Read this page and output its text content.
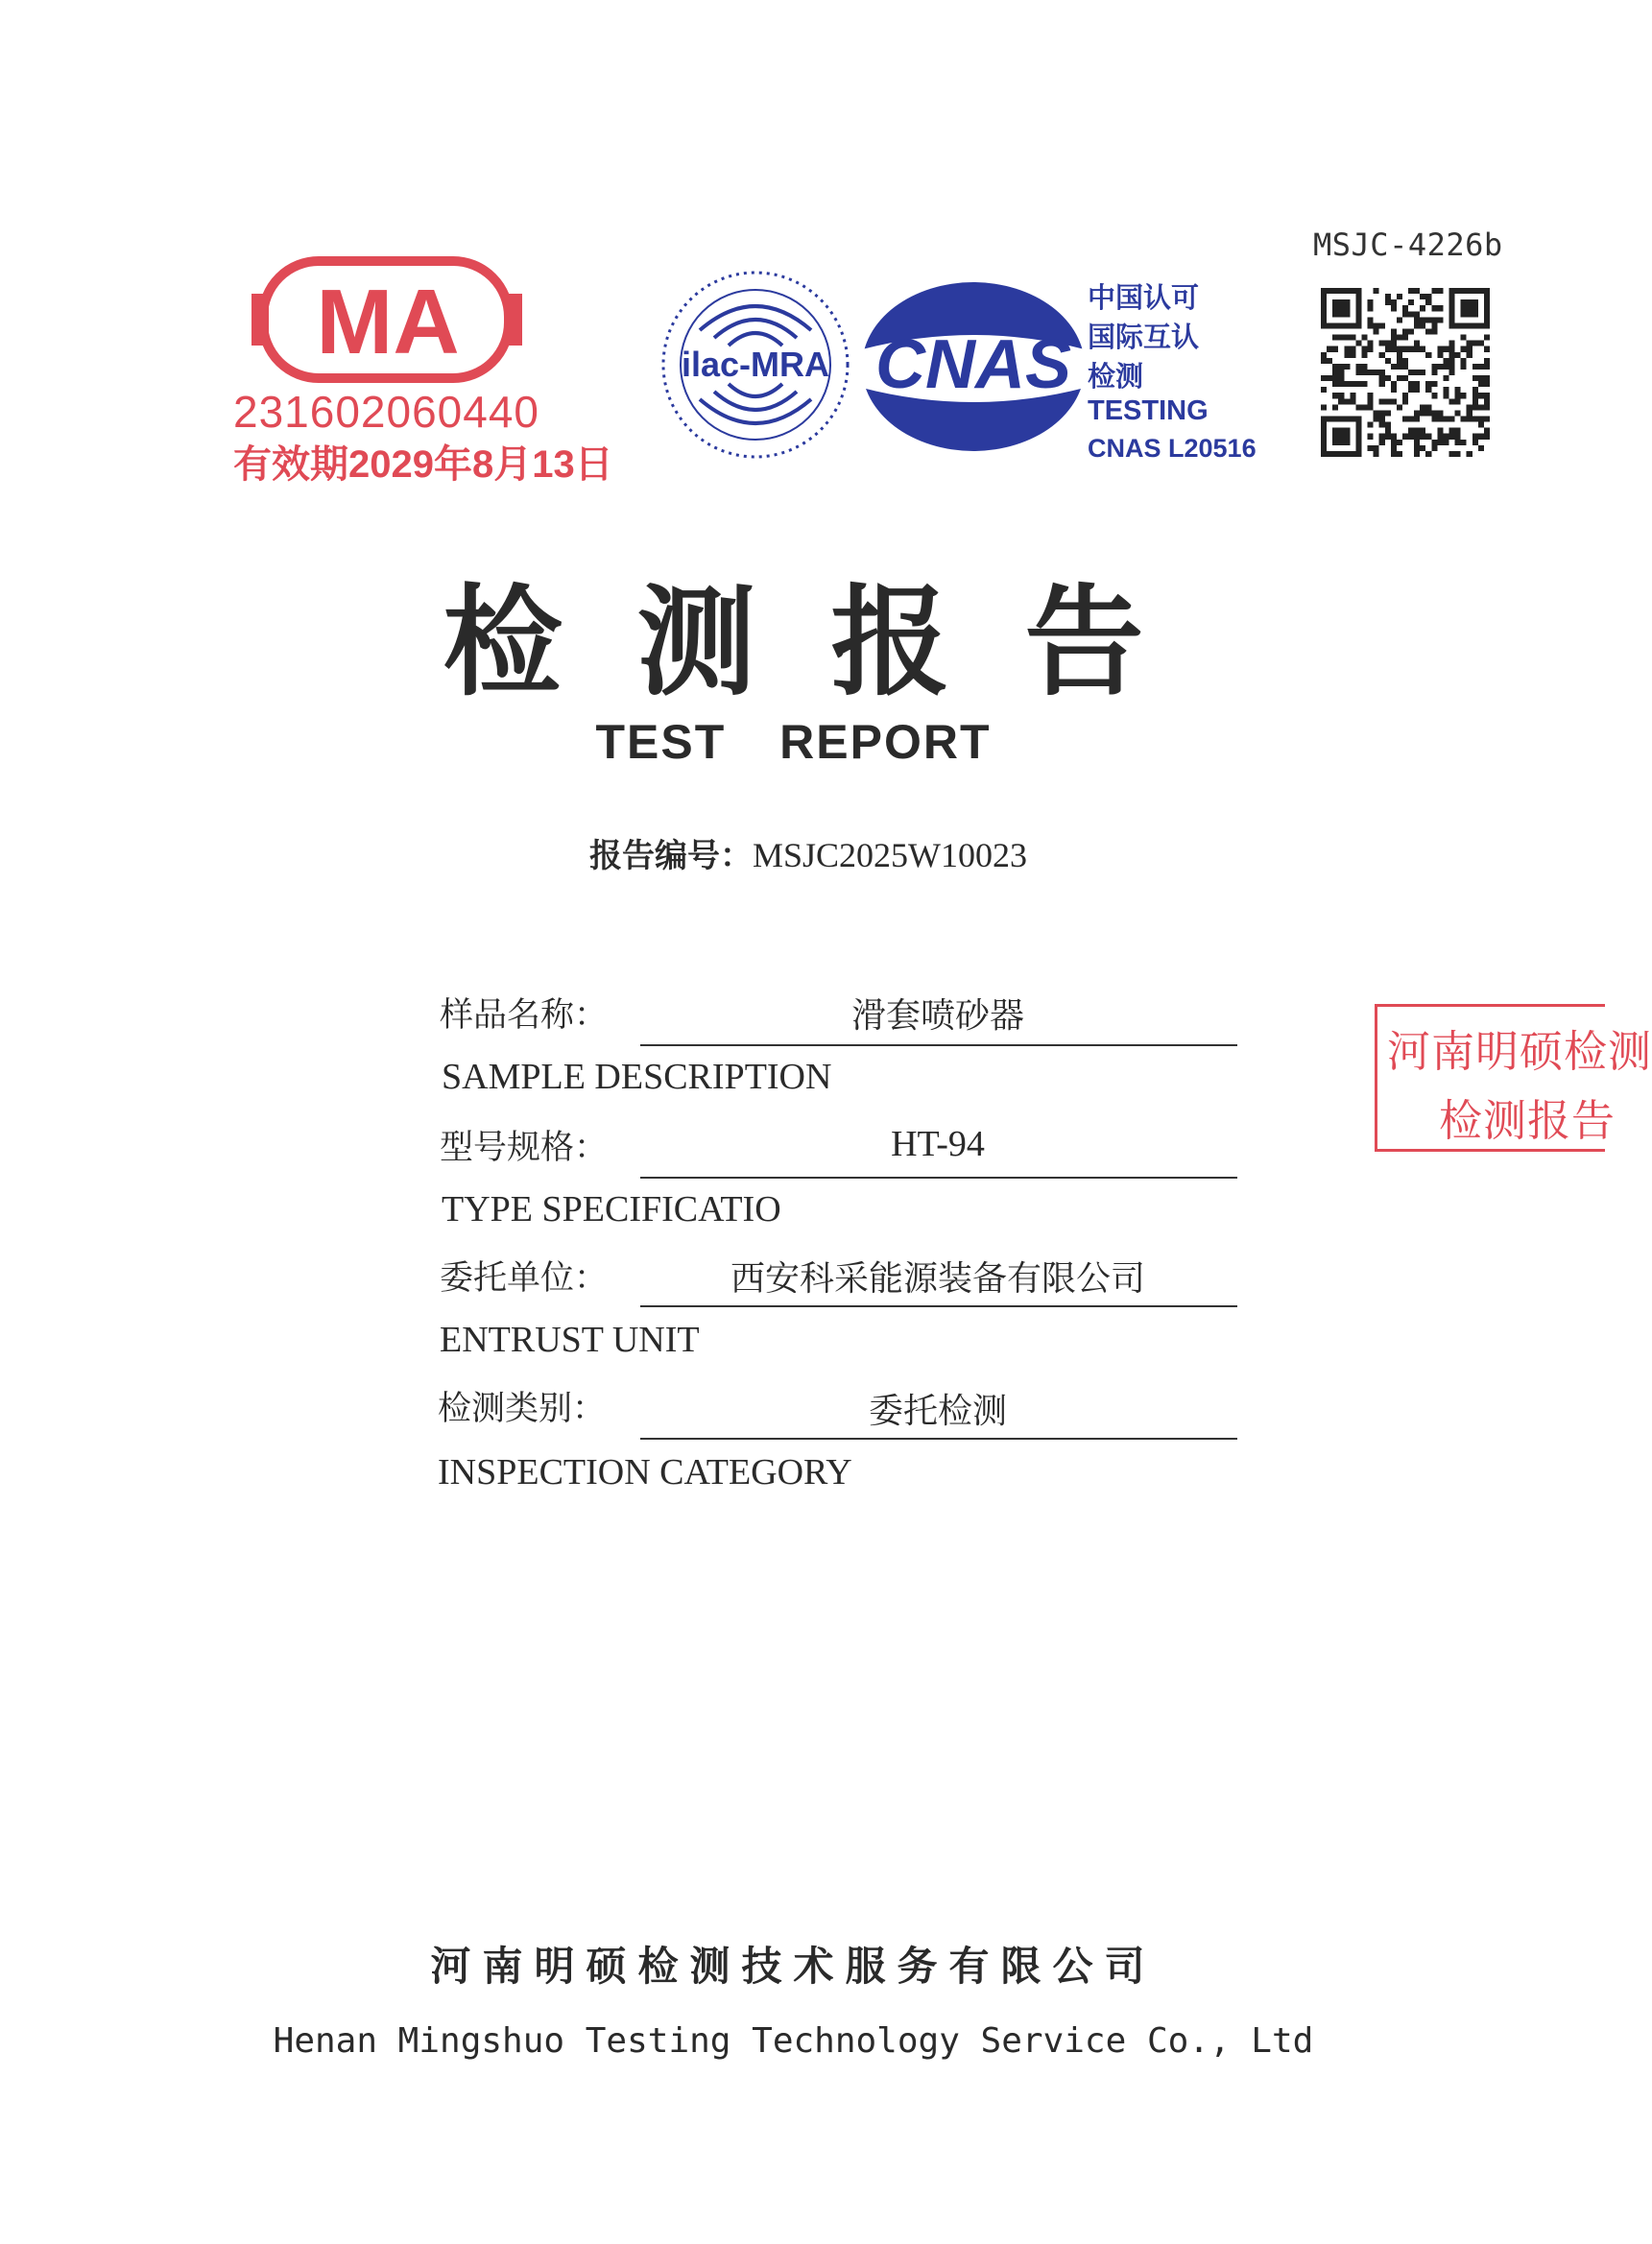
MSJC-4226b
MA
231602060440
有效期2029年8月13日
ilac-MRA CNAS
中国认可
国际互认
检测
TESTING
CNAS L20516
检测报告
TEST REPORT
报告编号：MSJC2025W10023
样品名称：	滑套喷砂器
SAMPLE DESCRIPTION
型号规格：	HT-94
TYPE SPECIFICATIO
委托单位：	西安科采能源装备有限公司
ENTRUST UNIT
检测类别：	委托检测
INSPECTION CATEGORY
河南明硕检测
检测报告
河南明硕检测技术服务有限公司
Henan Mingshuo Testing Technology Service Co., Ltd
